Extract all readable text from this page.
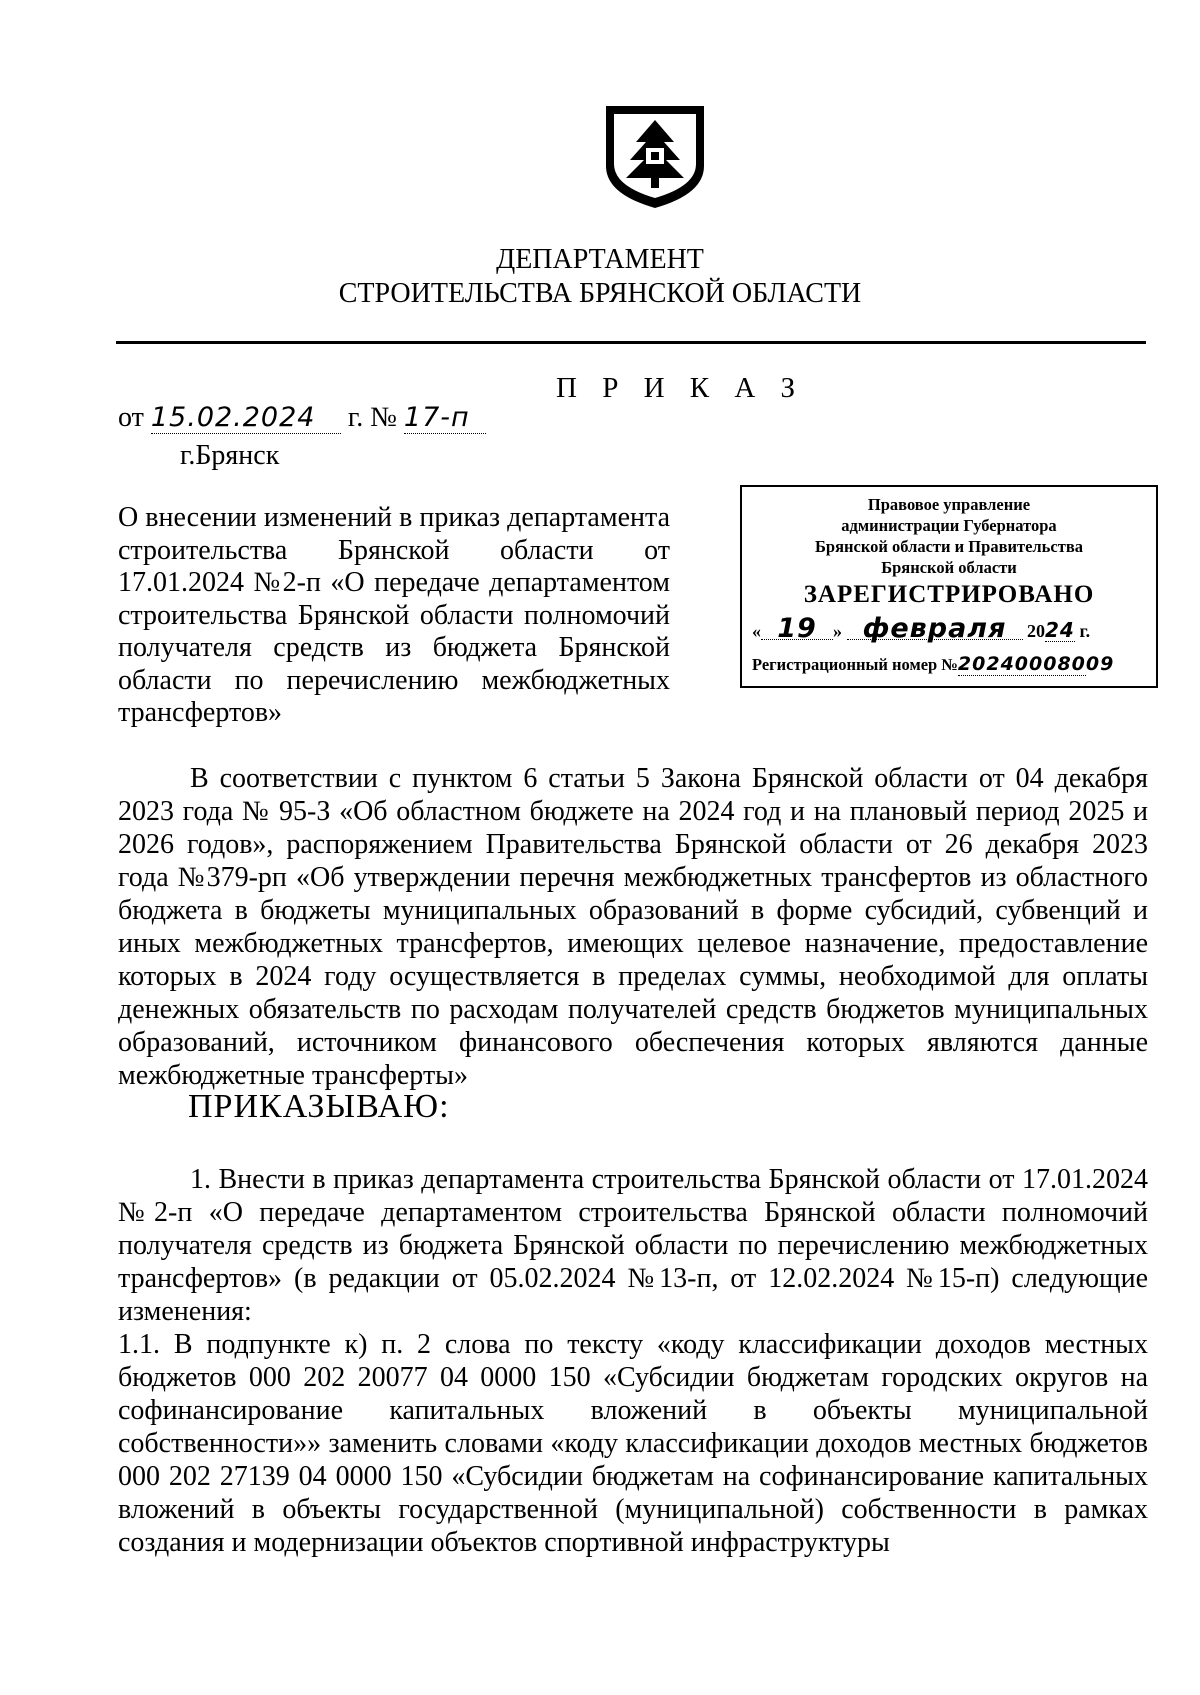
ДЕПАРТАМЕНТ
СТРОИТЕЛЬСТВА БРЯНСКОЙ ОБЛАСТИ
П Р И К А З
от 15.02.2024 г. № 17-п
г.Брянск

О внесении изменений в приказ департамента строительства Брянской области от 17.01.2024 №2-п «О передаче департаментом строительства Брянской области полномочий получателя средств из бюджета Брянской области по перечислению межбюджетных трансфертов»

Правовое управление
администрации Губернатора
Брянской области и Правительства
Брянской области
ЗАРЕГИСТРИРОВАНО
« 19 » февраля 2024 г.
Регистрационный номер №20240008009

В соответствии с пунктом 6 статьи 5 Закона Брянской области от 04 декабря 2023 года № 95-З «Об областном бюджете на 2024 год и на плановый период 2025 и 2026 годов», распоряжением Правительства Брянской области от 26 декабря 2023 года №379-рп «Об утверждении перечня межбюджетных трансфертов из областного бюджета в бюджеты муниципальных образований в форме субсидий, субвенций и иных межбюджетных трансфертов, имеющих целевое назначение, предоставление которых в 2024 году осуществляется в пределах суммы, необходимой для оплаты денежных обязательств по расходам получателей средств бюджетов муниципальных образований, источником финансового обеспечения которых являются данные межбюджетные трансферты»

ПРИКАЗЫВАЮ:

1. Внести в приказ департамента строительства Брянской области от 17.01.2024 №2-п «О передаче департаментом строительства Брянской области полномочий получателя средств из бюджета Брянской области по перечислению межбюджетных трансфертов» (в редакции от 05.02.2024 №13-п, от 12.02.2024 №15-п) следующие изменения:

1.1. В подпункте к) п. 2 слова по тексту «коду классификации доходов местных бюджетов 000 202 20077 04 0000 150 «Субсидии бюджетам городских округов на софинансирование капитальных вложений в объекты муниципальной собственности»» заменить словами «коду классификации доходов местных бюджетов 000 202 27139 04 0000 150 «Субсидии бюджетам на софинансирование капитальных вложений в объекты государственной (муниципальной) собственности в рамках создания и модернизации объектов спортивной инфраструктуры
